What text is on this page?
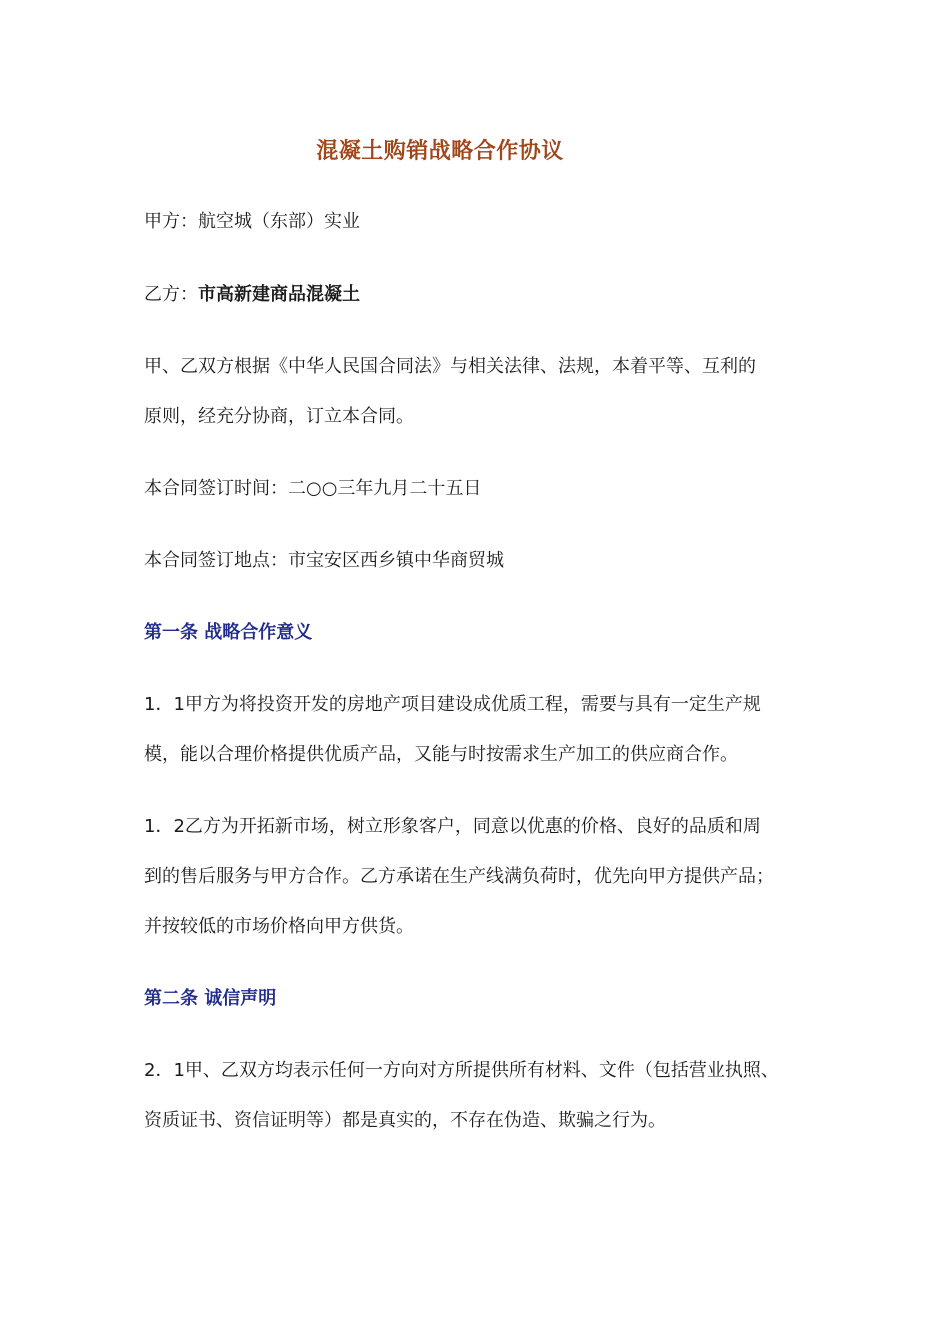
混凝土购销战略合作协议
甲方：航空城（东部）实业
乙方：市高新建商品混凝土
甲、乙双方根据《中华人民国合同法》与相关法律、法规，本着平等、互利的
原则，经充分协商，订立本合同。
本合同签订时间：二○○三年九月二十五日
本合同签订地点：市宝安区西乡镇中华商贸城
第一条 战略合作意义
1．1甲方为将投资开发的房地产项目建设成优质工程，需要与具有一定生产规
模，能以合理价格提供优质产品，又能与时按需求生产加工的供应商合作。
1．2乙方为开拓新市场，树立形象客户，同意以优惠的价格、良好的品质和周
到的售后服务与甲方合作。乙方承诺在生产线满负荷时，优先向甲方提供产品；
并按较低的市场价格向甲方供货。
第二条 诚信声明
2．1甲、乙双方均表示任何一方向对方所提供所有材料、文件（包括营业执照、
资质证书、资信证明等）都是真实的，不存在伪造、欺骗之行为。
